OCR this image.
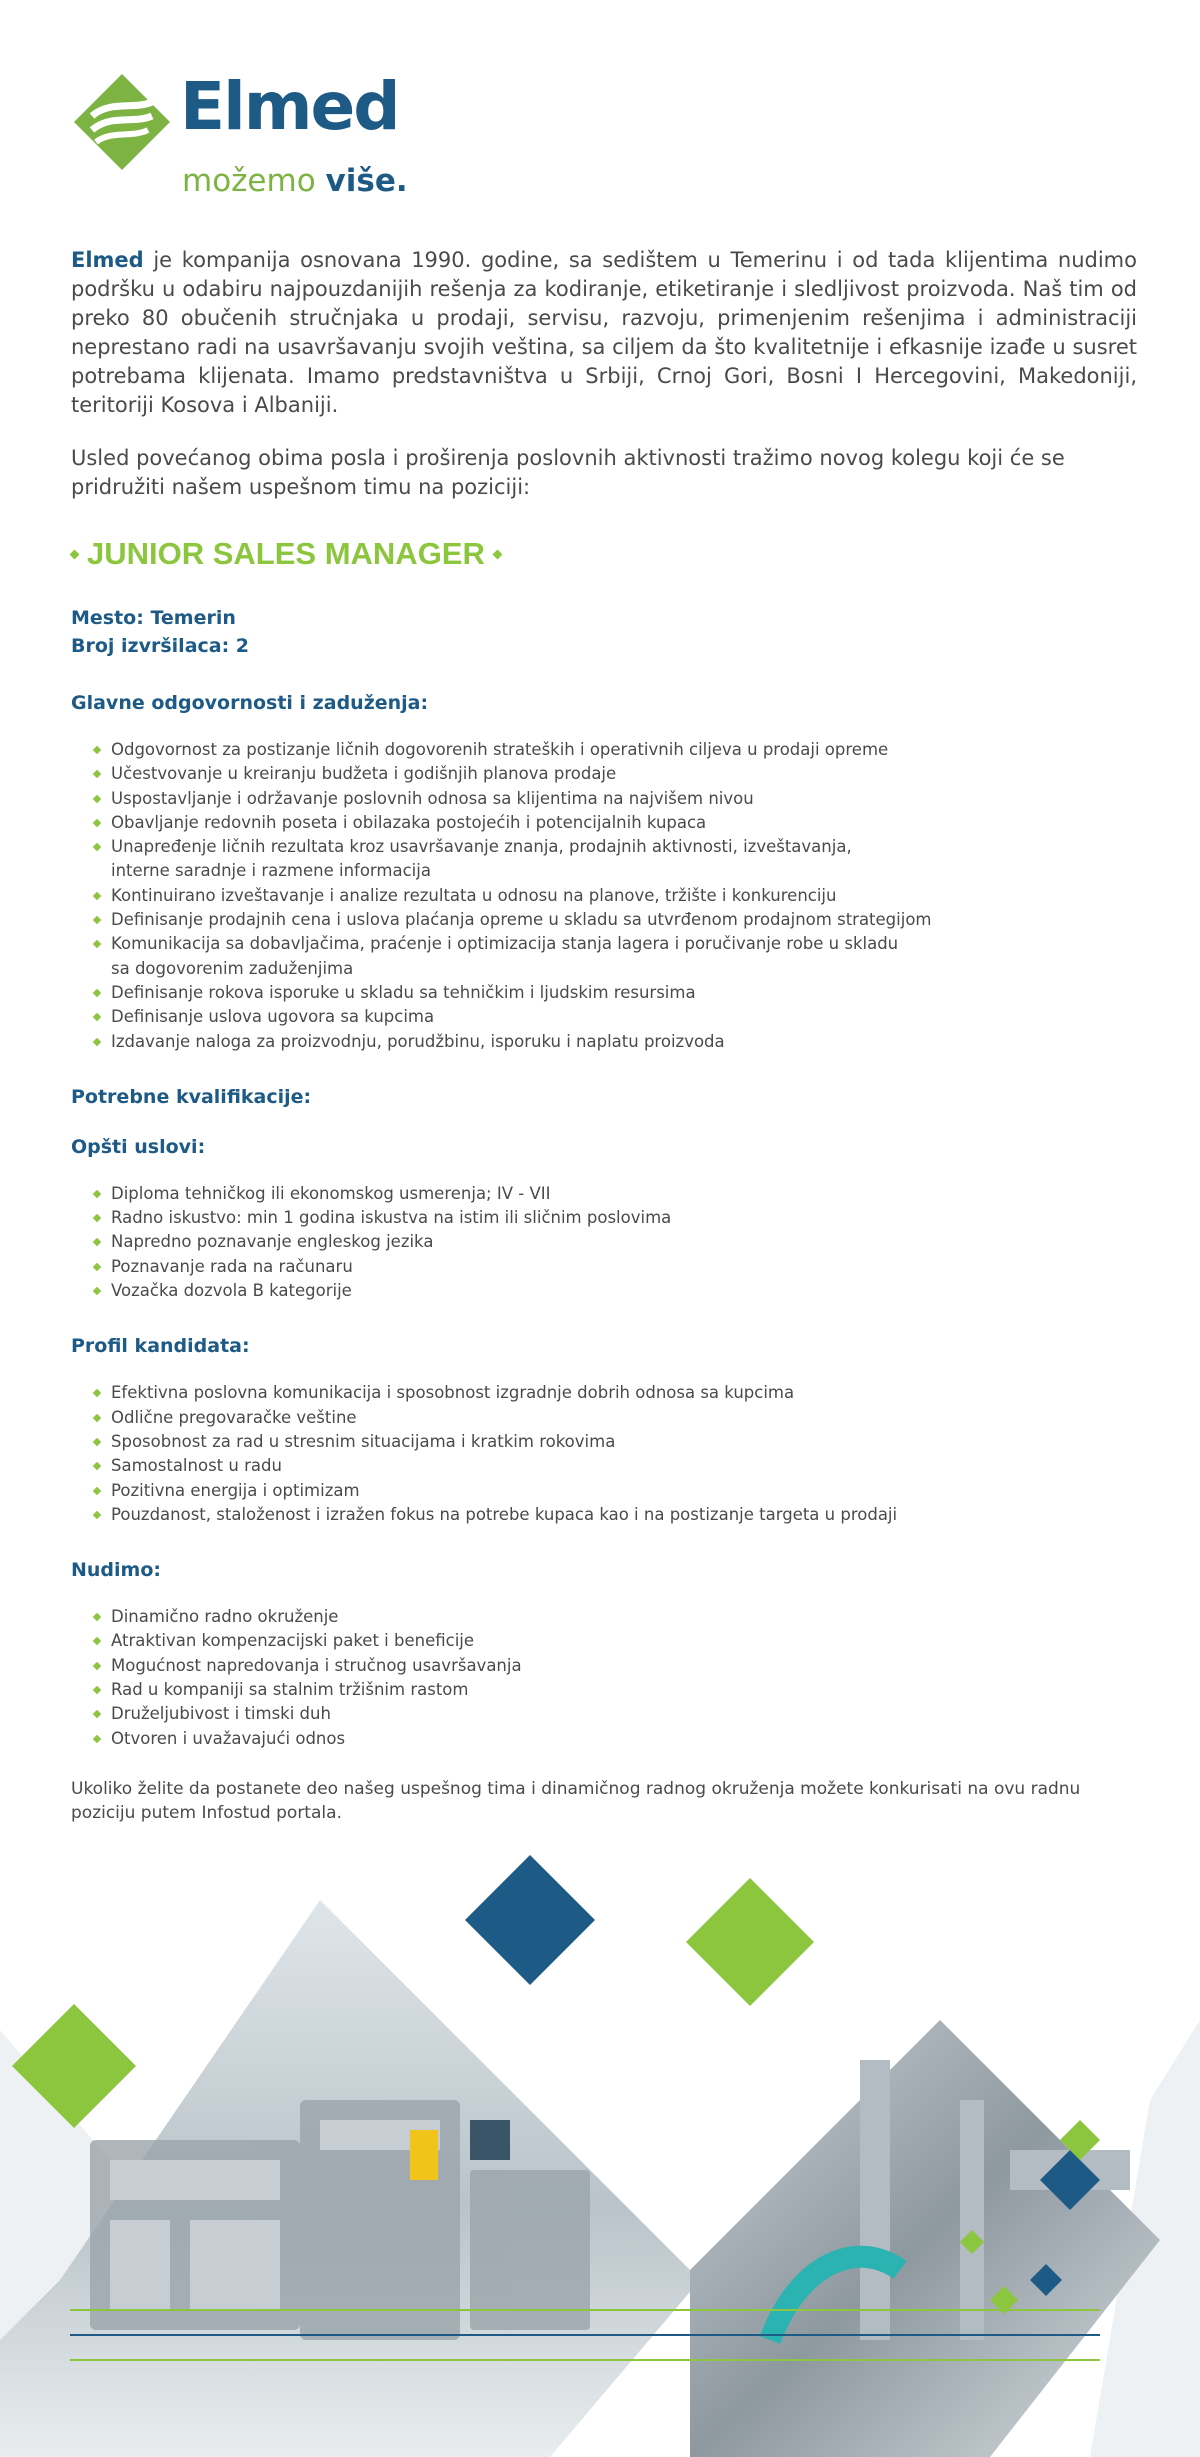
Elmed
možemo više.

Elmed je kompanija osnovana 1990. godine, sa sedištem u Temerinu i od tada klijentima nudimo podršku u odabiru najpouzdanijih rešenja za kodiranje, etiketiranje i sledljivost proizvoda. Naš tim od preko 80 obučenih stručnjaka u prodaji, servisu, razvoju, primenjenim rešenjima i administraciji neprestano radi na usavršavanju svojih veština, sa ciljem da što kvalitetnije i efkasnije izađe u susret potrebama klijenata. Imamo predstavništva u Srbiji, Crnoj Gori, Bosni I Hercegovini, Makedoniji, teritoriji Kosova i Albaniji.

Usled povećanog obima posla i proširenja poslovnih aktivnosti tražimo novog kolegu koji će se pridružiti našem uspešnom timu na poziciji:

JUNIOR SALES MANAGER
Mesto: Temerin
Broj izvršilaca: 2
Glavne odgovornosti i zaduženja:
Odgovornost za postizanje ličnih dogovorenih strateških i operativnih ciljeva u prodaji opreme
Učestvovanje u kreiranju budžeta i godišnjih planova prodaje
Uspostavljanje i održavanje poslovnih odnosa sa klijentima na najvišem nivou
Obavljanje redovnih poseta i obilazaka postojećih i potencijalnih kupaca
Unapređenje ličnih rezultata kroz usavršavanje znanja, prodajnih aktivnosti, izveštavanja,
interne saradnje i razmene informacija
Kontinuirano izveštavanje i analize rezultata u odnosu na planove, tržište i konkurenciju
Definisanje prodajnih cena i uslova plaćanja opreme u skladu sa utvrđenom prodajnom strategijom
Komunikacija sa dobavljačima, praćenje i optimizacija stanja lagera i poručivanje robe u skladu
sa dogovorenim zaduženjima
Definisanje rokova isporuke u skladu sa tehničkim i ljudskim resursima
Definisanje uslova ugovora sa kupcima
Izdavanje naloga za proizvodnju, porudžbinu, isporuku i naplatu proizvoda
Potrebne kvalifikacije:
Opšti uslovi:
Diploma tehničkog ili ekonomskog usmerenja; IV - VII
Radno iskustvo: min 1 godina iskustva na istim ili sličnim poslovima
Napredno poznavanje engleskog jezika
Poznavanje rada na računaru
Vozačka dozvola B kategorije
Profil kandidata:
Efektivna poslovna komunikacija i sposobnost izgradnje dobrih odnosa sa kupcima
Odlične pregovaračke veštine
Sposobnost za rad u stresnim situacijama i kratkim rokovima
Samostalnost u radu
Pozitivna energija i optimizam
Pouzdanost, staloženost i izražen fokus na potrebe kupaca kao i na postizanje targeta u prodaji
Nudimo:
Dinamično radno okruženje
Atraktivan kompenzacijski paket i beneficije
Mogućnost napredovanja i stručnog usavršavanja
Rad u kompaniji sa stalnim tržišnim rastom
Druželjubivost i timski duh
Otvoren i uvažavajući odnos

Ukoliko želite da postanete deo našeg uspešnog tima i dinamičnog radnog okruženja možete konkurisati na ovu radnu poziciju putem Infostud portala.
